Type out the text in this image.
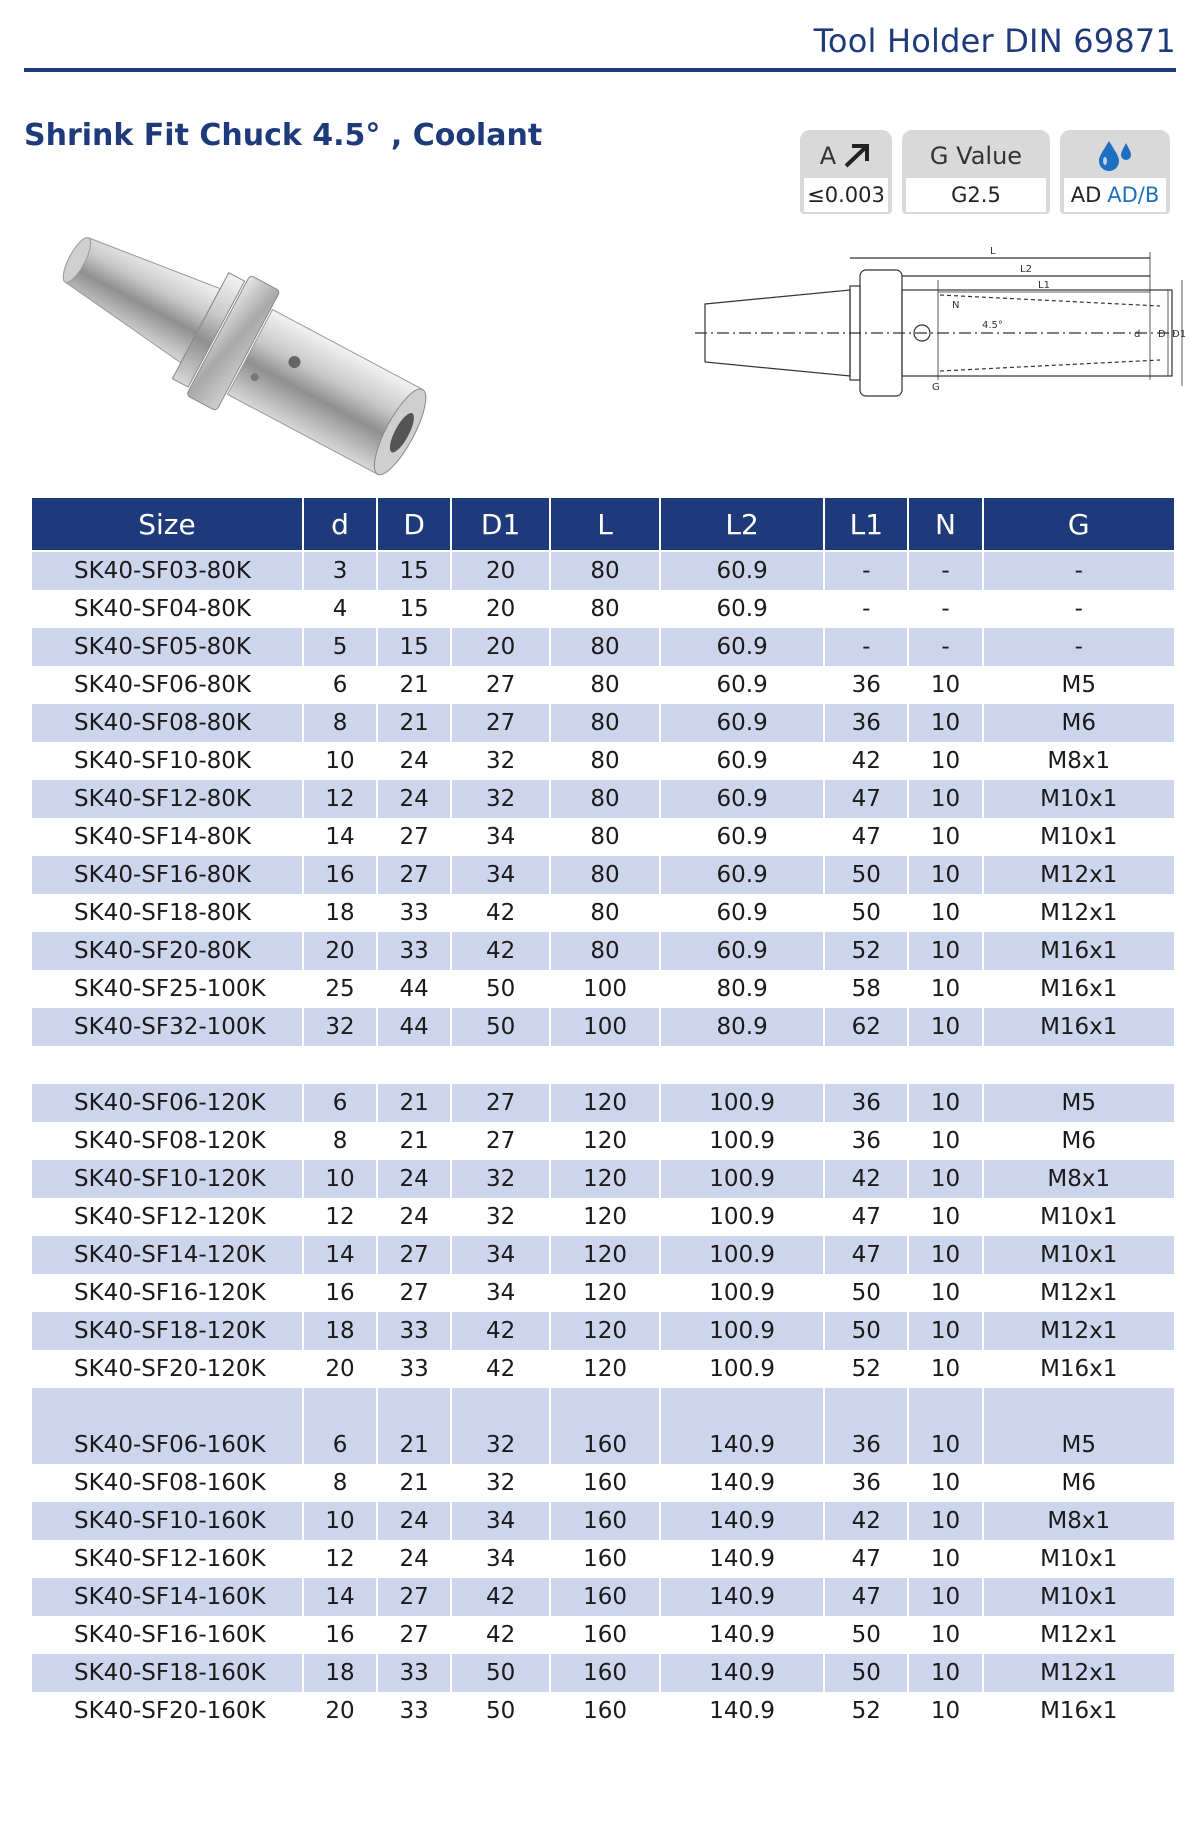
Tool Holder DIN 69871
Shrink Fit Chuck 4.5° , Coolant
A
≤0.003
G Value
G2.5	AD AD/B
L
L2
L1
N
4.5°
d D D1
G
Size	d	D	D1	L	L2	L1	N	G
SK40-SF03-80K	3	15	20	80	60.9	-	-	-
SK40-SF04-80K	4	15	20	80	60.9	-	-	-
SK40-SF05-80K	5	15	20	80	60.9	-	-	-
SK40-SF06-80K	6	21	27	80	60.9	36	10	M5
SK40-SF08-80K	8	21	27	80	60.9	36	10	M6
SK40-SF10-80K	10	24	32	80	60.9	42	10	M8x1
SK40-SF12-80K	12	24	32	80	60.9	47	10	M10x1
SK40-SF14-80K	14	27	34	80	60.9	47	10	M10x1
SK40-SF16-80K	16	27	34	80	60.9	50	10	M12x1
SK40-SF18-80K	18	33	42	80	60.9	50	10	M12x1
SK40-SF20-80K	20	33	42	80	60.9	52	10	M16x1
SK40-SF25-100K	25	44	50	100	80.9	58	10	M16x1
SK40-SF32-100K	32	44	50	100	80.9	62	10	M16x1

SK40-SF06-120K	6	21	27	120	100.9	36	10	M5
SK40-SF08-120K	8	21	27	120	100.9	36	10	M6
SK40-SF10-120K	10	24	32	120	100.9	42	10	M8x1
SK40-SF12-120K	12	24	32	120	100.9	47	10	M10x1
SK40-SF14-120K	14	27	34	120	100.9	47	10	M10x1
SK40-SF16-120K	16	27	34	120	100.9	50	10	M12x1
SK40-SF18-120K	18	33	42	120	100.9	50	10	M12x1
SK40-SF20-120K	20	33	42	120	100.9	52	10	M16x1

SK40-SF06-160K	6	21	32	160	140.9	36	10	M5
SK40-SF08-160K	8	21	32	160	140.9	36	10	M6
SK40-SF10-160K	10	24	34	160	140.9	42	10	M8x1
SK40-SF12-160K	12	24	34	160	140.9	47	10	M10x1
SK40-SF14-160K	14	27	42	160	140.9	47	10	M10x1
SK40-SF16-160K	16	27	42	160	140.9	50	10	M12x1
SK40-SF18-160K	18	33	50	160	140.9	50	10	M12x1
SK40-SF20-160K	20	33	50	160	140.9	52	10	M16x1
